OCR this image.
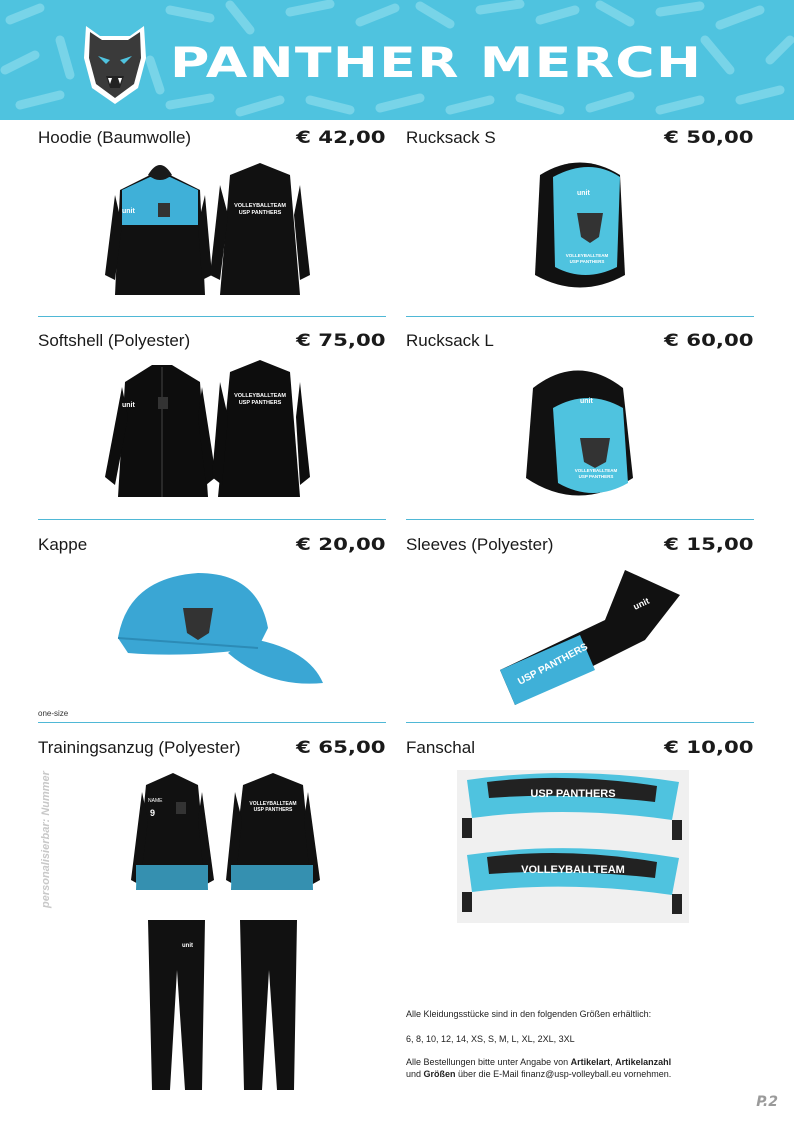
PANTHER MERCH
Hoodie (Baumwolle)	€ 42,00
unit
VOLLEYBALLTEAM
USP PANTHERS
Rucksack S	€ 50,00
unit
VOLLEYBALLTEAM
USP PANTHERS
Softshell (Polyester)	€ 75,00
unit
VOLLEYBALLTEAM
USP PANTHERS
Rucksack L	€ 60,00
unit
VOLLEYBALLTEAM
USP PANTHERS
Kappe	€ 20,00
one-size
Sleeves (Polyester)	€ 15,00
unit
USP PANTHERS
Trainingsanzug (Polyester)	€ 65,00
personalisierbar: Nummer	NAME
9
VOLLEYBALLTEAM
USP PANTHERS
unit
Fanschal	€ 10,00
USP PANTHERS
VOLLEYBALLTEAM
Alle Kleidungsstücke sind in den folgenden Größen erhältlich:
6, 8, 10, 12, 14, XS, S, M, L, XL, 2XL, 3XL
Alle Bestellungen bitte unter Angabe von Artikelart, Artikelanzahl
und Größen über die E-Mail finanz@usp-volleyball.eu vornehmen.
P.2
